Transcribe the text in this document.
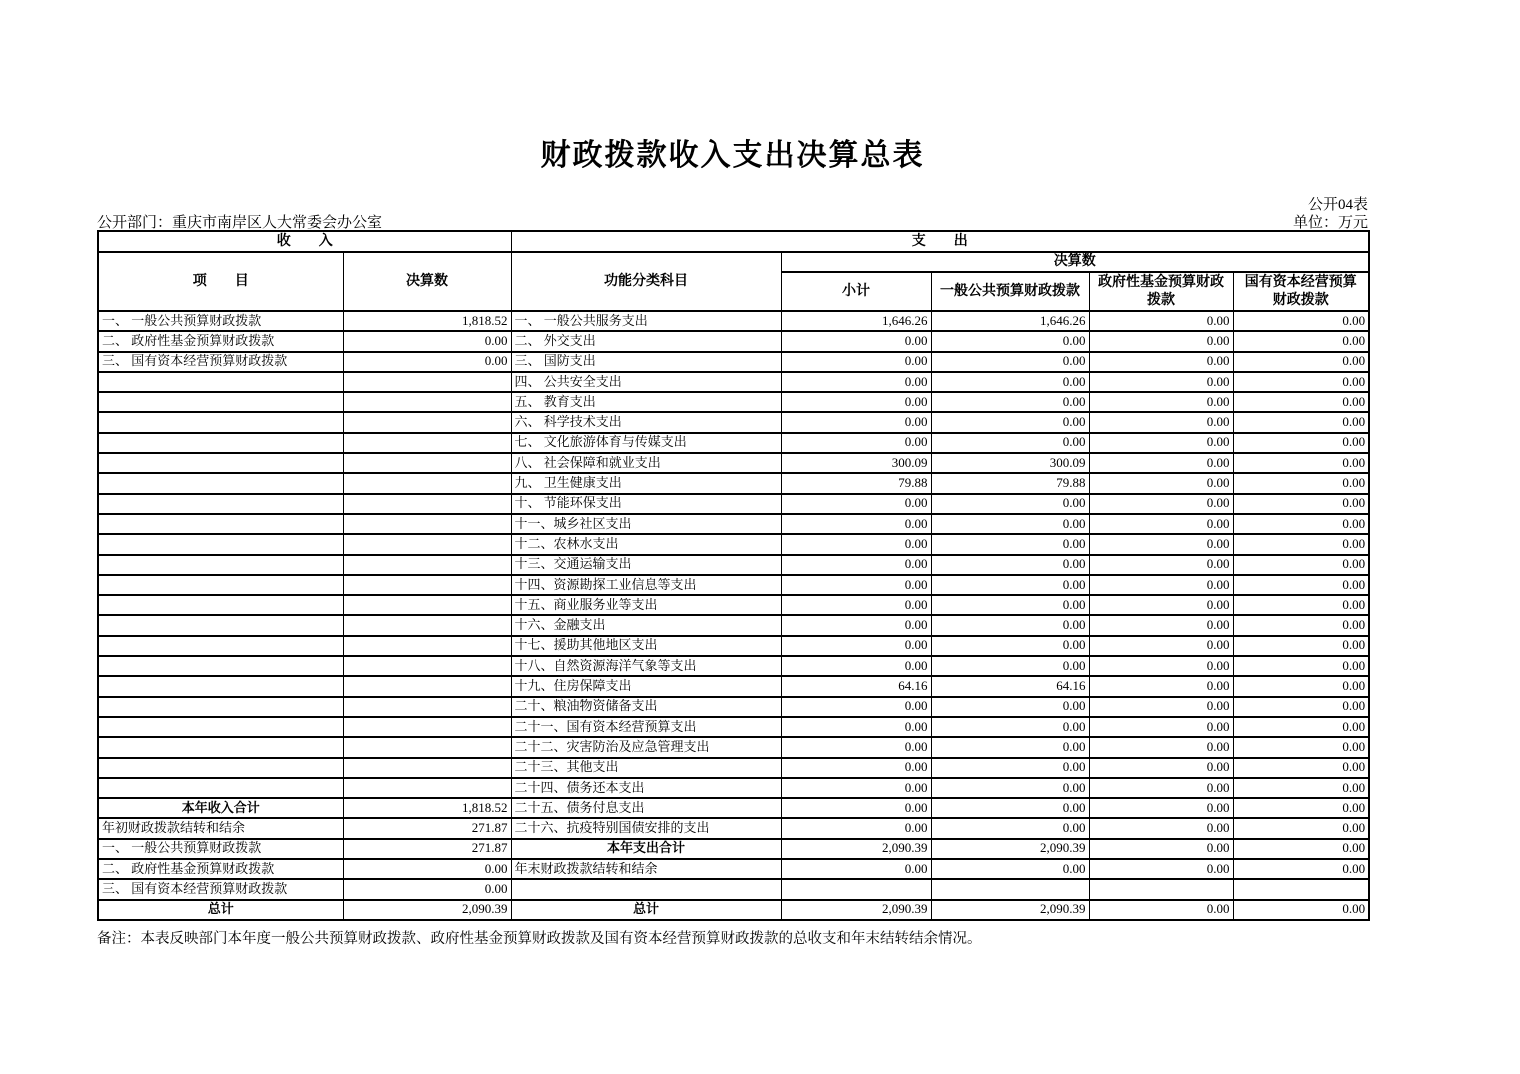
财政拨款收入支出决算总表
公开04表
公开部门：重庆市南岸区人大常委会办公室	单位：万元
收　　入		支　　出				
项　　目	决算数	功能分类科目	决算数			
			小计	一般公共预算财政拨款	政府性基金预算财政拨款	国有资本经营预算财政拨款
一、 一般公共预算财政拨款	1,818.52	一、 一般公共服务支出	1,646.26	1,646.26	0.00	0.00
二、 政府性基金预算财政拨款	0.00	二、 外交支出	0.00	0.00	0.00	0.00
三、 国有资本经营预算财政拨款	0.00	三、 国防支出	0.00	0.00	0.00	0.00
		四、 公共安全支出	0.00	0.00	0.00	0.00
		五、 教育支出	0.00	0.00	0.00	0.00
		六、 科学技术支出	0.00	0.00	0.00	0.00
		七、 文化旅游体育与传媒支出	0.00	0.00	0.00	0.00
		八、 社会保障和就业支出	300.09	300.09	0.00	0.00
		九、 卫生健康支出	79.88	79.88	0.00	0.00
		十、 节能环保支出	0.00	0.00	0.00	0.00
		十一、城乡社区支出	0.00	0.00	0.00	0.00
		十二、农林水支出	0.00	0.00	0.00	0.00
		十三、交通运输支出	0.00	0.00	0.00	0.00
		十四、资源勘探工业信息等支出	0.00	0.00	0.00	0.00
		十五、商业服务业等支出	0.00	0.00	0.00	0.00
		十六、金融支出	0.00	0.00	0.00	0.00
		十七、援助其他地区支出	0.00	0.00	0.00	0.00
		十八、自然资源海洋气象等支出	0.00	0.00	0.00	0.00
		十九、住房保障支出	64.16	64.16	0.00	0.00
		二十、粮油物资储备支出	0.00	0.00	0.00	0.00
		二十一、国有资本经营预算支出	0.00	0.00	0.00	0.00
		二十二、灾害防治及应急管理支出	0.00	0.00	0.00	0.00
		二十三、其他支出	0.00	0.00	0.00	0.00
		二十四、债务还本支出	0.00	0.00	0.00	0.00
本年收入合计	1,818.52	二十五、债务付息支出	0.00	0.00	0.00	0.00
年初财政拨款结转和结余	271.87	二十六、抗疫特别国债安排的支出	0.00	0.00	0.00	0.00
一、 一般公共预算财政拨款	271.87	本年支出合计	2,090.39	2,090.39	0.00	0.00
二、 政府性基金预算财政拨款	0.00	年末财政拨款结转和结余	0.00	0.00	0.00	0.00
三、 国有资本经营预算财政拨款	0.00					
总计	2,090.39	总计	2,090.39	2,090.39	0.00	0.00
备注：本表反映部门本年度一般公共预算财政拨款、政府性基金预算财政拨款及国有资本经营预算财政拨款的总收支和年末结转结余情况。
